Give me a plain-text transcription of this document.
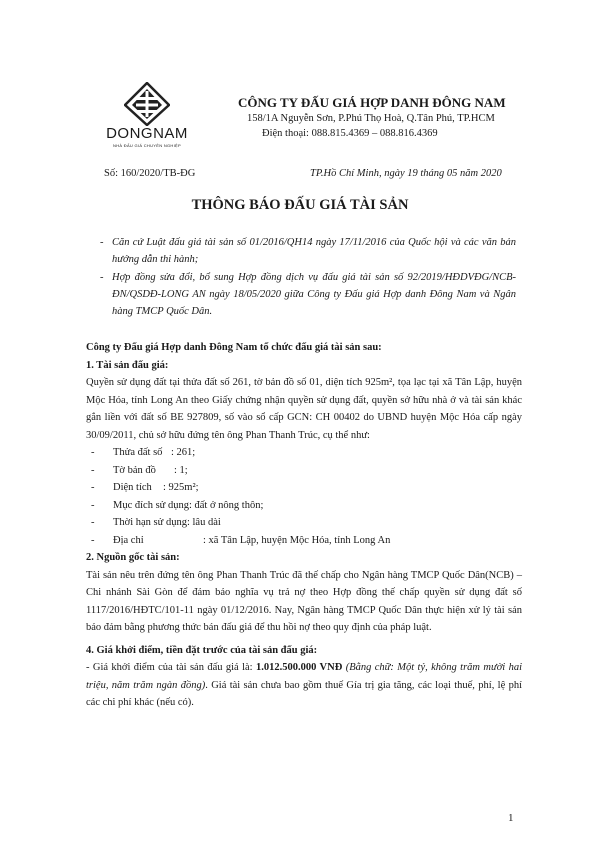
DONGNAM
NHÀ ĐẤU GIÁ CHUYÊN NGHIỆP
CÔNG TY ĐẤU GIÁ HỢP DANH ĐÔNG NAM
158/1A Nguyễn Sơn, P.Phú Thọ Hoà, Q.Tân Phú, TP.HCM
Điện thoại: 088.815.4369 – 088.816.4369
Số: 160/2020/TB-ĐG	TP.Hồ Chí Minh, ngày 19 tháng 05 năm 2020
THÔNG BÁO ĐẤU GIÁ TÀI SẢN
- Căn cứ Luật đấu giá tài sản số 01/2016/QH14 ngày 17/11/2016 của Quốc hội và các văn bản hướng dẫn thi hành;
- Hợp đồng sửa đổi, bổ sung Hợp đồng dịch vụ đấu giá tài sản số 92/2019/HĐDVĐG/NCB-ĐN/QSDĐ-LONG AN ngày 18/05/2020 giữa Công ty Đấu giá Hợp danh Đông Nam và Ngân hàng TMCP Quốc Dân.
Công ty Đấu giá Hợp danh Đông Nam tổ chức đấu giá tài sản sau:
1. Tài sản đấu giá:
Quyền sử dụng đất tại thửa đất số 261, tờ bản đồ số 01, diện tích 925m², tọa lạc tại xã Tân Lập, huyện Mộc Hóa, tỉnh Long An theo Giấy chứng nhận quyền sử dụng đất, quyền sở hữu nhà ở và tài sản khác gắn liền với đất số BE 927809, số vào sổ cấp GCN: CH 00402 do UBND huyện Mộc Hóa cấp ngày 30/09/2011, chủ sở hữu đứng tên ông Phan Thanh Trúc, cụ thể như:
- Thửa đất số : 261;
- Tờ bản đồ : 1;
- Diện tích : 925m²;
- Mục đích sử dụng: đất ở nông thôn;
- Thời hạn sử dụng: lâu dài
- Địa chỉ	: xã Tân Lập, huyện Mộc Hóa, tỉnh Long An
2. Nguồn gốc tài sản:
Tài sản nêu trên đứng tên ông Phan Thanh Trúc đã thế chấp cho Ngân hàng TMCP Quốc Dân(NCB) – Chi nhánh Sài Gòn để đảm bảo nghĩa vụ trả nợ theo Hợp đồng thế chấp quyền sử dụng đất số 1117/2016/HĐTC/101-11 ngày 01/12/2016. Nay, Ngân hàng TMCP Quốc Dân thực hiện xử lý tài sản bảo đảm bằng phương thức bán đấu giá để thu hồi nợ theo quy định của pháp luật.
4. Giá khởi điểm, tiền đặt trước của tài sản đấu giá:
- Giá khởi điểm của tài sản đấu giá là: 1.012.500.000 VNĐ (Bằng chữ: Một tỷ, không trăm mười hai triệu, năm trăm ngàn đồng). Giá tài sản chưa bao gồm thuế Gía trị gia tăng, các loại thuế, phí, lệ phí các chi phí khác (nếu có).
1
